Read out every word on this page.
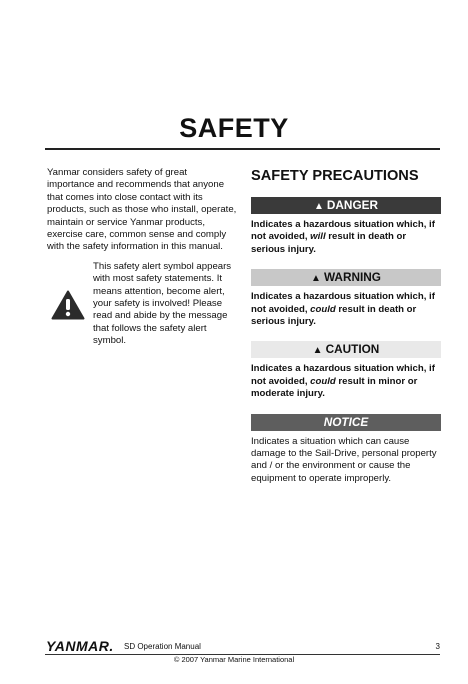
SAFETY

Yanmar considers safety of great importance and recommends that anyone that comes into close contact with its products, such as those who install, operate, maintain or service Yanmar products, exercise care, common sense and comply with the safety information in this manual.

This safety alert symbol appears with most safety statements. It means attention, become alert, your safety is involved! Please read and abide by the message that follows the safety alert symbol.

SAFETY PRECAUTIONS
▲ DANGER

Indicates a hazardous situation which, if not avoided, will result in death or serious injury.

▲ WARNING

Indicates a hazardous situation which, if not avoided, could result in death or serious injury.

▲ CAUTION

Indicates a hazardous situation which, if not avoided, could result in minor or moderate injury.

NOTICE

Indicates a situation which can cause damage to the Sail-Drive, personal property and / or the environment or cause the equipment to operate improperly.

YANMAR. SD Operation Manual	3
© 2007 Yanmar Marine International
